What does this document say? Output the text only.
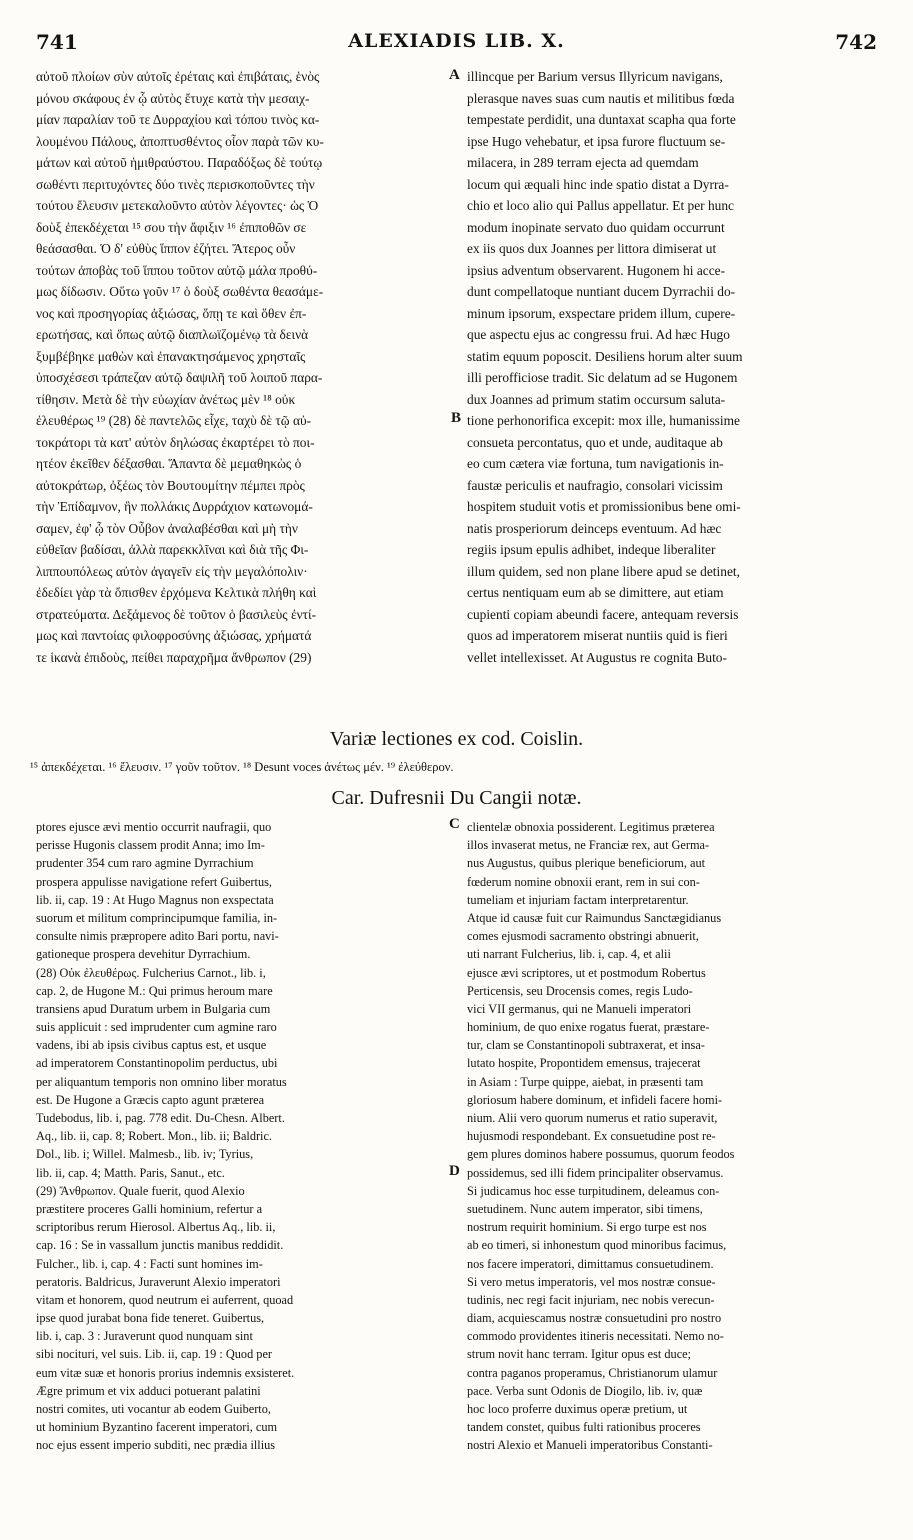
741	ALEXIADIS LIB. X.	742
αὐτοῦ πλοίων σὺν αὐτοῖς ἐρέταις καὶ ἐπιβάταις, ἑνὸς
μόνου σκάφους ἐν ᾧ αὐτὸς ἔτυχε κατὰ τὴν μεσαιχ-
μίαν παραλίαν τοῦ τε Δυρραχίου καὶ τόπου τινὸς κα-
λουμένου Πάλους, ἀποπτυσθέντος οἷον παρὰ τῶν κυ-
μάτων καὶ αὐτοῦ ἡμιθραύστου. Παραδόξως δὲ τούτῳ
σωθέντι περιτυχόντες δύο τινὲς περισκοποῦντες τὴν
τούτου ἔλευσιν μετεκαλοῦντο αὐτὸν λέγοντες· ὡς Ὁ
δοὺξ ἐπεκδέχεται ¹⁵ σου τὴν ἄφιξιν ¹⁶ ἐπιποθῶν σε
θεάσασθαι. Ὁ δ' εὐθὺς ἵππον ἐζήτει. Ἅτερος οὖν
τούτων ἀποβὰς τοῦ ἵππου τοῦτον αὐτῷ μάλα προθύ-
μως δίδωσιν. Οὕτω γοῦν ¹⁷ ὁ δοὺξ σωθέντα θεασάμε-
νος καὶ προσηγορίας ἀξιώσας, ὅπῃ τε καὶ ὅθεν ἐπ-
ερωτήσας, καὶ ὅπως αὐτῷ διαπλωϊζομένῳ τὰ δεινὰ
ξυμβέβηκε μαθὼν καὶ ἐπανακτησάμενος χρησταῖς
ὑποσχέσεσι τράπεζαν αὐτῷ δαψιλῆ τοῦ λοιποῦ παρα-
τίθησιν. Μετὰ δὲ τὴν εὐωχίαν ἀνέτως μὲν ¹⁸ οὐκ
ἐλευθέρως ¹⁹ (28) δὲ παντελῶς εἶχε, ταχὺ δὲ τῷ αὐ-
τοκράτορι τὰ κατ' αὐτὸν δηλώσας ἐκαρτέρει τὸ ποι-
ητέον ἐκεῖθεν δέξασθαι. Ἅπαντα δὲ μεμαθηκὼς ὁ
αὐτοκράτωρ, ὀξέως τὸν Βουτουμίτην πέμπει πρὸς
τὴν Ἐπίδαμνον, ἣν πολλάκις Δυρράχιον κατωνομά-
σαμεν, ἐφ' ᾧ τὸν Οὖβον ἀναλαβέσθαι καὶ μὴ τὴν
εὐθεῖαν βαδίσαι, ἀλλὰ παρεκκλῖναι καὶ διὰ τῆς Φι-
λιππουπόλεως αὐτὸν ἀγαγεῖν εἰς τὴν μεγαλόπολιν·
ἐδεδίει γὰρ τὰ ὄπισθεν ἐρχόμενα Κελτικὰ πλήθη καὶ
στρατεύματα. Δεξάμενος δὲ τοῦτον ὁ βασιλεὺς ἐντί-
μως καὶ παντοίας φιλοφροσύνης ἀξιώσας, χρήματά
τε ἱκανὰ ἐπιδοὺς, πείθει παραχρῆμα ἄνθρωπον (29)
A
B
illincque per Barium versus Illyricum navigans,
plerasque naves suas cum nautis et militibus fœda
tempestate perdidit, una duntaxat scapha qua forte
ipse Hugo vehebatur, et ipsa furore fluctuum se-
milacera, in 289 terram ejecta ad quemdam
locum qui æquali hinc inde spatio distat a Dyrra-
chio et loco alio qui Pallus appellatur. Et per hunc
modum inopinate servato duo quidam occurrunt
ex iis quos dux Joannes per littora dimiserat ut
ipsius adventum observarent. Hugonem hi acce-
dunt compellatoque nuntiant ducem Dyrrachii do-
minum ipsorum, exspectare pridem illum, cupere-
que aspectu ejus ac congressu frui. Ad hæc Hugo
statim equum poposcit. Desiliens horum alter suum
illi perofficiose tradit. Sic delatum ad se Hugonem
dux Joannes ad primum statim occursum saluta-
tione perhonorifica excepit: mox ille, humanissime
consueta percontatus, quo et unde, auditaque ab
eo cum cætera viæ fortuna, tum navigationis in-
faustæ periculis et naufragio, consolari vicissim
hospitem studuit votis et promissionibus bene omi-
natis prosperiorum deinceps eventuum. Ad hæc
regiis ipsum epulis adhibet, indeque liberaliter
illum quidem, sed non plane libere apud se detinet,
certus nentiquam eum ab se dimittere, aut etiam
cupienti copiam abeundi facere, antequam reversis
quos ad imperatorem miserat nuntiis quid is fieri
vellet intellexisset. At Augustus re cognita Buto-
Variæ lectiones ex cod. Coislin.
¹⁵ ἀπεκδέχεται. ¹⁶ ἔλευσιν. ¹⁷ γοῦν τοῦτον. ¹⁸ Desunt voces ἀνέτως μέν. ¹⁹ ἐλεύθερον.
Car. Dufresnii Du Cangii notæ.
ptores ejusce ævi mentio occurrit naufragii, quo
perisse Hugonis classem prodit Anna; imo Im-
prudenter 354 cum raro agmine Dyrrachium
prospera appulisse navigatione refert Guibertus,
lib. ii, cap. 19 : At Hugo Magnus non exspectata
suorum et militum comprincipumque familia, in-
consulte nimis præpropere adito Bari portu, navi-
gationeque prospera devehitur Dyrrachium.
(28) Οὐκ ἐλευθέρως. Fulcherius Carnot., lib. i,
cap. 2, de Hugone M.: Qui primus heroum mare
transiens apud Duratum urbem in Bulgaria cum
suis applicuit : sed imprudenter cum agmine raro
vadens, ibi ab ipsis civibus captus est, et usque
ad imperatorem Constantinopolim perductus, ubi
per aliquantum temporis non omnino liber moratus
est. De Hugone a Græcis capto agunt præterea
Tudebodus, lib. i, pag. 778 edit. Du-Chesn. Albert.
Aq., lib. ii, cap. 8; Robert. Mon., lib. ii; Baldric.
Dol., lib. i; Willel. Malmesb., lib. iv; Tyrius,
lib. ii, cap. 4; Matth. Paris, Sanut., etc.
(29) Ἄνθρωπον. Quale fuerit, quod Alexio
præstitere proceres Galli hominium, refertur a
scriptoribus rerum Hierosol. Albertus Aq., lib. ii,
cap. 16 : Se in vassallum junctis manibus reddidit.
Fulcher., lib. i, cap. 4 : Facti sunt homines im-
peratoris. Baldricus, Juraverunt Alexio imperatori
vitam et honorem, quod neutrum ei auferrent, quoad
ipse quod jurabat bona fide teneret. Guibertus,
lib. i, cap. 3 : Juraverunt quod nunquam sint
sibi nocituri, vel suis. Lib. ii, cap. 19 : Quod per
eum vitæ suæ et honoris prorius indemnis exsisteret.
Ægre primum et vix adduci potuerant palatini
nostri comites, uti vocantur ab eodem Guiberto,
ut hominium Byzantino facerent imperatori, cum
noc ejus essent imperio subditi, nec prædia illius
C
D
clientelæ obnoxia possiderent. Legitimus præterea
illos invaserat metus, ne Franciæ rex, aut Germa-
nus Augustus, quibus plerique beneficiorum, aut
fœderum nomine obnoxii erant, rem in sui con-
tumeliam et injuriam factam interpretarentur.
Atque id causæ fuit cur Raimundus Sanctægidianus
comes ejusmodi sacramento obstringi abnuerit,
uti narrant Fulcherius, lib. i, cap. 4, et alii
ejusce ævi scriptores, ut et postmodum Robertus
Perticensis, seu Drocensis comes, regis Ludo-
vici VII germanus, qui ne Manueli imperatori
hominium, de quo enixe rogatus fuerat, præstare-
tur, clam se Constantinopoli subtraxerat, et insa-
lutato hospite, Propontidem emensus, trajecerat
in Asiam : Turpe quippe, aiebat, in præsenti tam
gloriosum habere dominum, et infideli facere homi-
nium. Alii vero quorum numerus et ratio superavit,
hujusmodi respondebant. Ex consuetudine post re-
gem plures dominos habere possumus, quorum feodos
possidemus, sed illi fidem principaliter observamus.
Si judicamus hoc esse turpitudinem, deleamus con-
suetudinem. Nunc autem imperator, sibi timens,
nostrum requirit hominium. Si ergo turpe est nos
ab eo timeri, si inhonestum quod minoribus facimus,
nos facere imperatori, dimittamus consuetudinem.
Si vero metus imperatoris, vel mos nostræ consue-
tudinis, nec regi facit injuriam, nec nobis verecun-
diam, acquiescamus nostræ consuetudini pro nostro
commodo providentes itineris necessitati. Nemo no-
strum novit hanc terram. Igitur opus est duce;
contra paganos properamus, Christianorum ulamur
pace. Verba sunt Odonis de Diogilo, lib. iv, quæ
hoc loco proferre duximus operæ pretium, ut
tandem constet, quibus fulti rationibus proceres
nostri Alexio et Manueli imperatoribus Constanti-
